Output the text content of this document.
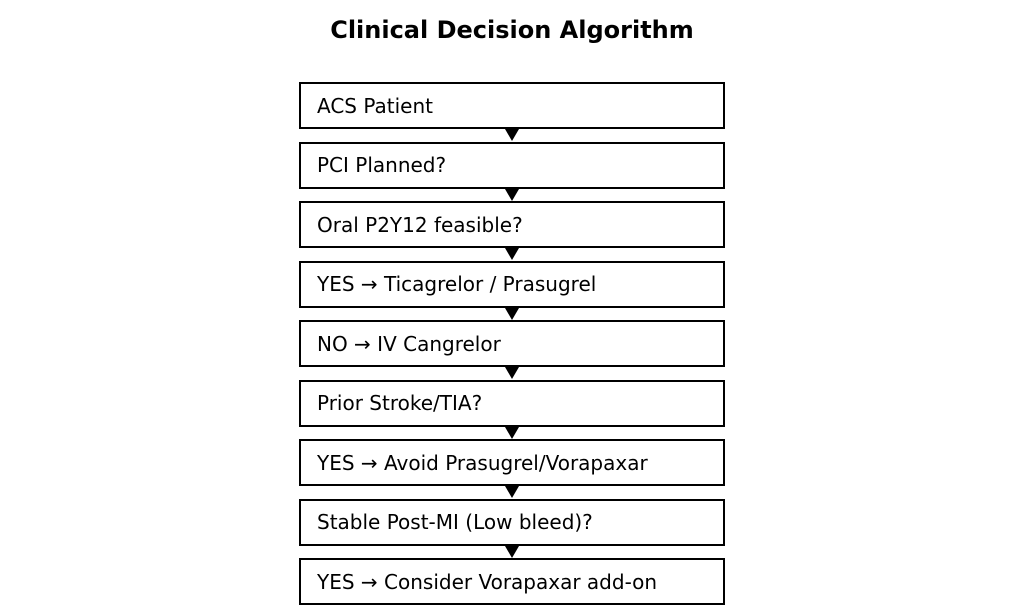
Clinical Decision Algorithm
ACS Patient
PCI Planned?
Oral P2Y12 feasible?
YES → Ticagrelor / Prasugrel
NO → IV Cangrelor
Prior Stroke/TIA?
YES → Avoid Prasugrel/Vorapaxar
Stable Post-MI (Low bleed)?
YES → Consider Vorapaxar add-on
